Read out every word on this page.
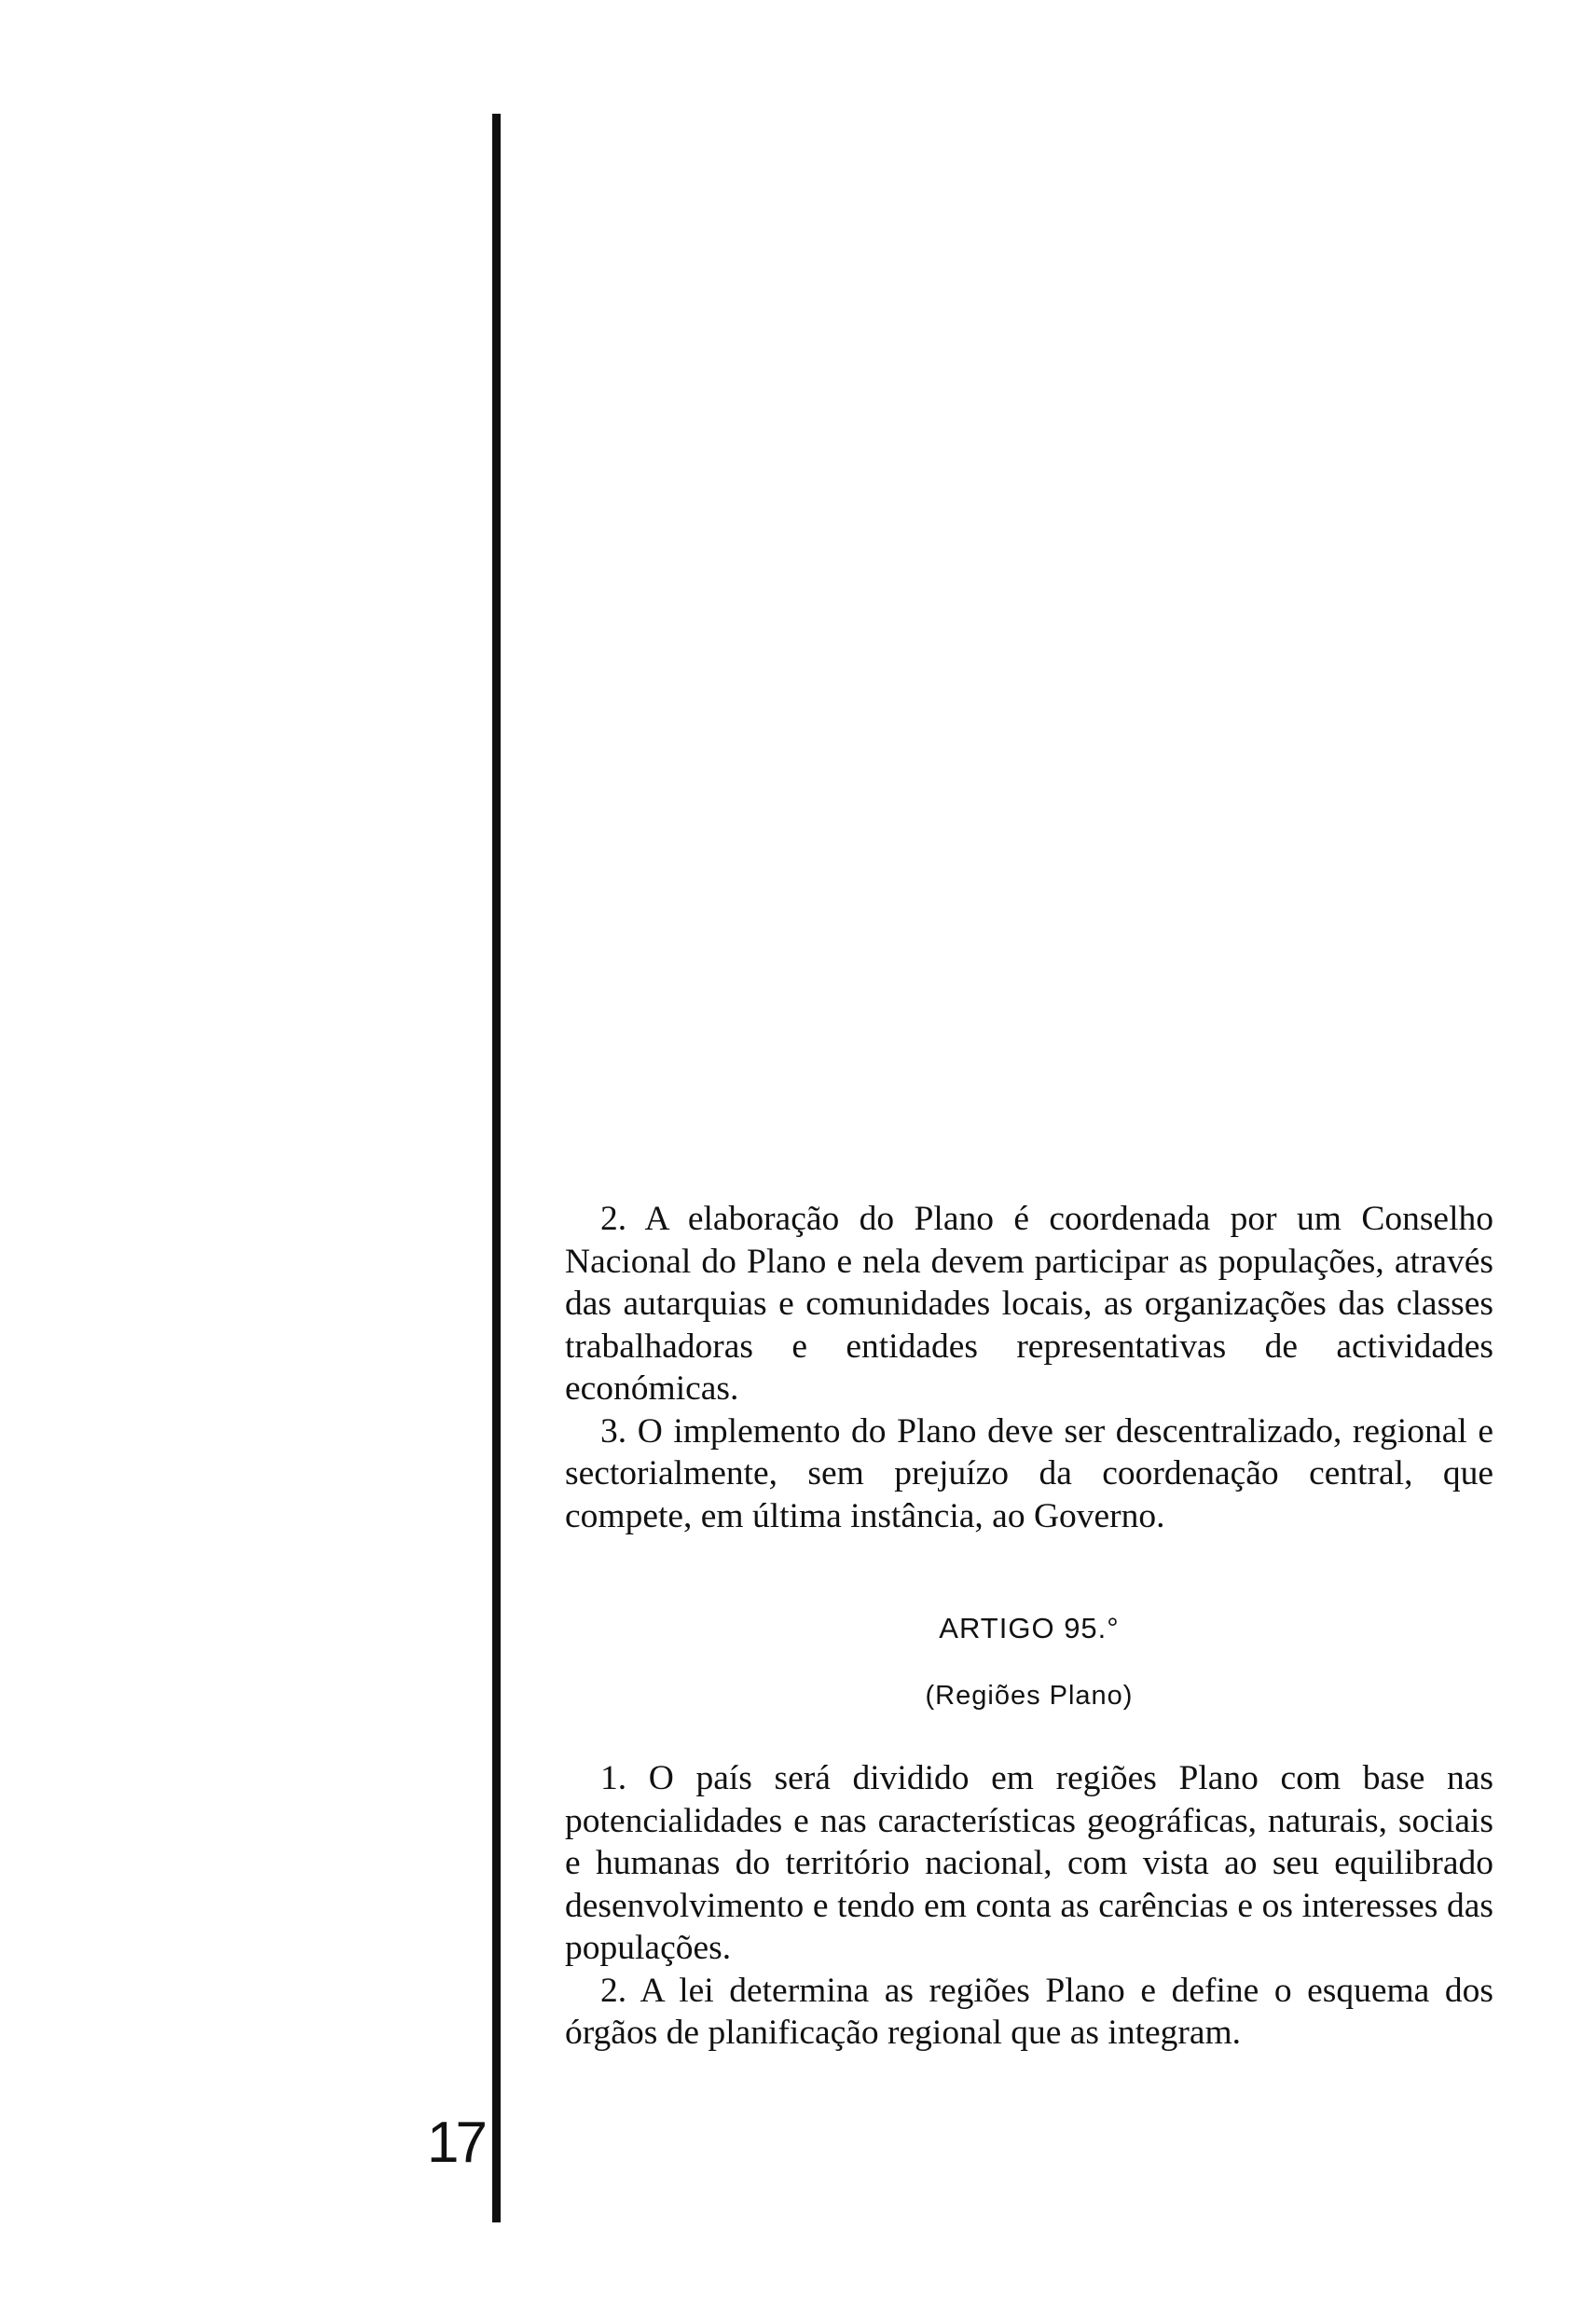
17

2. A elaboração do Plano é coordenada por um Conselho Nacional do Plano e nela devem participar as populações, através das autarquias e comunidades locais, as organizações das classes trabalhadoras e entidades representativas de actividades económicas.

3. O implemento do Plano deve ser descentralizado, regional e sectorialmente, sem prejuízo da coordenação central, que compete, em última instância, ao Governo.

ARTIGO 95.°
(Regiões Plano)

1. O país será dividido em regiões Plano com base nas potencialidades e nas características geográficas, naturais, sociais e humanas do território nacional, com vista ao seu equilibrado desenvolvimento e tendo em conta as carências e os interesses das populações.

2. A lei determina as regiões Plano e define o esquema dos órgãos de planificação regional que as integram.
